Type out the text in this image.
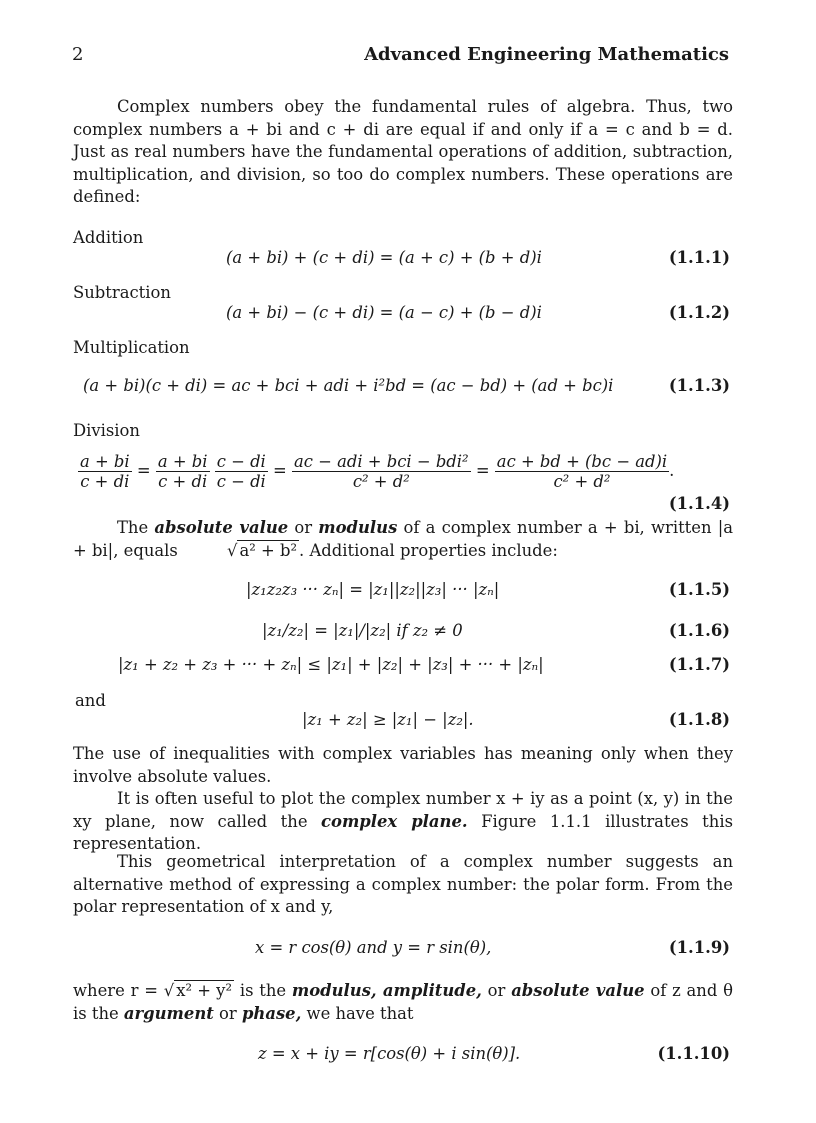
2	Advanced Engineering Mathematics
Complex numbers obey the fundamental rules of algebra. Thus, two complex numbers a + bi and c + di are equal if and only if a = c and b = d. Just as real numbers have the fundamental operations of addition, subtraction, multiplication, and division, so too do complex numbers. These operations are defined:
Addition
(a + bi) + (c + di) = (a + c) + (b + d)i	(1.1.1)
Subtraction
(a + bi) − (c + di) = (a − c) + (b − d)i	(1.1.2)
Multiplication
(a + bi)(c + di) = ac + bci + adi + i²bd = (ac − bd) + (ad + bc)i	(1.1.3)
Division
$\frac{a + bi}{c + di} = \frac{a + bi}{c + di}$
$\frac{c - di}{c - di} = \frac{\text{ac − adi + bci − bdi²}}{\text{c² + d²}} = \frac{ac + bd + (bc - ad)i}{\text{c² + d²}}$ .
(1.1.4)
The absolute value or modulus of a complex number a + bi, written |a + bi|, equals	√ a² + b² . Additional properties include:
|z₁z₂z₃ ··· zₙ| = |z₁||z₂||z₃| ··· |zₙ|	(1.1.5)
|z₁/z₂| = |z₁|/|z₂| if z₂ ≠ 0	(1.1.6)
|z₁ + z₂ + z₃ + ··· + zₙ| ≤ |z₁| + |z₂| + |z₃| + ··· + |zₙ|	(1.1.7)
and
|z₁ + z₂| ≥ |z₁| − |z₂|.	(1.1.8)
The use of inequalities with complex variables has meaning only when they involve absolute values.
It is often useful to plot the complex number x + iy as a point (x, y) in the xy plane, now called the complex plane. Figure 1.1.1 illustrates this representation.
This geometrical interpretation of a complex number suggests an alternative method of expressing a complex number: the polar form. From the polar representation of x and y,
x = r cos(θ) and y = r sin(θ),	(1.1.9)
where r = √ x² + y² is the modulus, amplitude, or absolute value of z and θ is the argument or phase, we have that
z = x + iy = r[cos(θ) + i sin(θ)].	(1.1.10)
